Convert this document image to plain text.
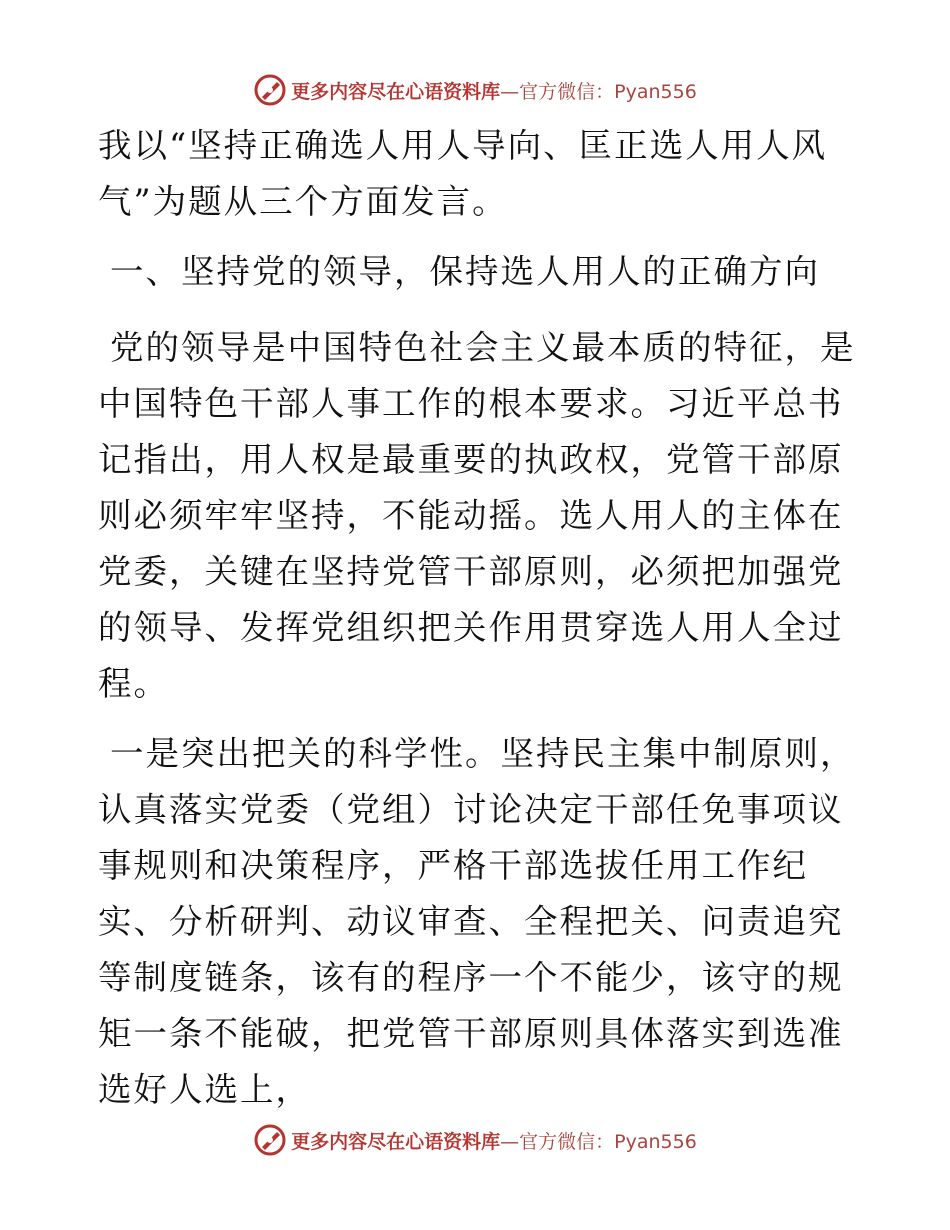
更多内容尽在心语资料库—官方微信：Pyan556

我以“坚持正确选人用人导向、匡正选人用人风气”为题从三个方面发言。

一、坚持党的领导，保持选人用人的正确方向

党的领导是中国特色社会主义最本质的特征，是中国特色干部人事工作的根本要求。习近平总书记指出，用人权是最重要的执政权，党管干部原则必须牢牢坚持，不能动摇。选人用人的主体在党委，关键在坚持党管干部原则，必须把加强党的领导、发挥党组织把关作用贯穿选人用人全过程。

一是突出把关的科学性。坚持民主集中制原则，认真落实党委（党组）讨论决定干部任免事项议事规则和决策程序，严格干部选拔任用工作纪实、分析研判、动议审查、全程把关、问责追究等制度链条，该有的程序一个不能少，该守的规矩一条不能破，把党管干部原则具体落实到选准选好人选上，

更多内容尽在心语资料库—官方微信：Pyan556
